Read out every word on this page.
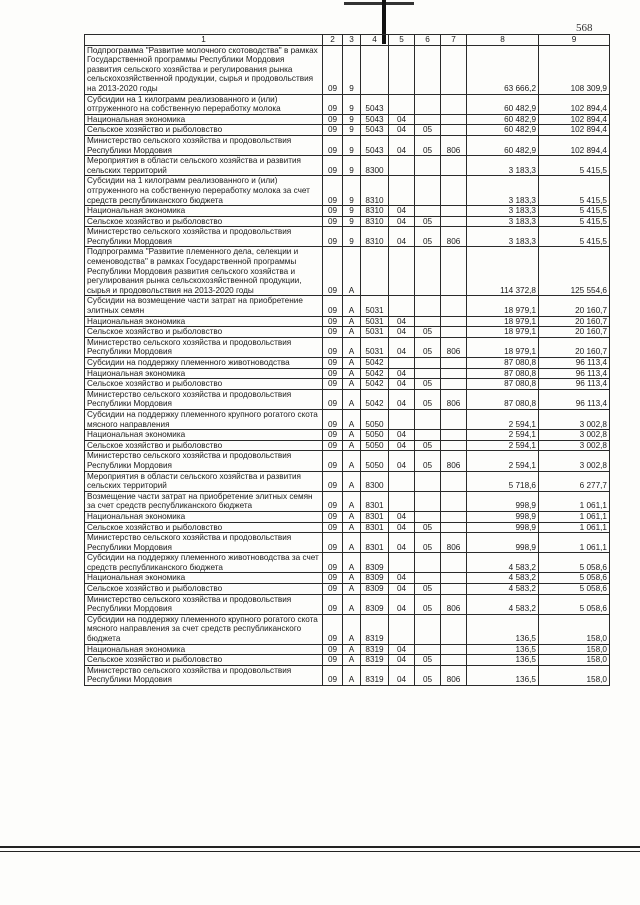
568
1	2	3	4	5	6	7	8	9
Подпрограмма "Развитие молочного скотоводства" в рамках Государственной программы Республики Мордовия развития сельского хозяйства и регулирования рынка сельскохозяйственной продукции, сырья и продовольствия на 2013-2020 годы	09	9					63 666,2	108 309,9
Субсидии на 1 килограмм реализованного и (или) отгруженного на собственную переработку молока	09	9	5043				60 482,9	102 894,4
Национальная экономика	09	9	5043	04			60 482,9	102 894,4
Сельское хозяйство и рыболовство	09	9	5043	04	05		60 482,9	102 894,4
Министерство сельского хозяйства и продовольствия Республики Мордовия	09	9	5043	04	05	806	60 482,9	102 894,4
Мероприятия в области сельского хозяйства и развития сельских территорий	09	9	8300				3 183,3	5 415,5
Субсидии на 1 килограмм реализованного и (или) отгруженного на собственную переработку молока за счет средств республиканского бюджета	09	9	8310				3 183,3	5 415,5
Национальная экономика	09	9	8310	04			3 183,3	5 415,5
Сельское хозяйство и рыболовство	09	9	8310	04	05		3 183,3	5 415,5
Министерство сельского хозяйства и продовольствия Республики Мордовия	09	9	8310	04	05	806	3 183,3	5 415,5
Подпрограмма "Развитие племенного дела, селекции и семеноводства" в рамках Государственной программы Республики Мордовия развития сельского хозяйства и регулирования рынка сельскохозяйственной продукции, сырья и продовольствия на 2013-2020 годы	09	А					114 372,8	125 554,6
Субсидии на возмещение части затрат на приобретение элитных семян	09	А	5031				18 979,1	20 160,7
Национальная экономика	09	А	5031	04			18 979,1	20 160,7
Сельское хозяйство и рыболовство	09	А	5031	04	05		18 979,1	20 160,7
Министерство сельского хозяйства и продовольствия Республики Мордовия	09	А	5031	04	05	806	18 979,1	20 160,7
Субсидии на поддержку племенного животноводства	09	А	5042				87 080,8	96 113,4
Национальная экономика	09	А	5042	04			87 080,8	96 113,4
Сельское хозяйство и рыболовство	09	А	5042	04	05		87 080,8	96 113,4
Министерство сельского хозяйства и продовольствия Республики Мордовия	09	А	5042	04	05	806	87 080,8	96 113,4
Субсидии на поддержку племенного крупного рогатого скота мясного направления	09	А	5050				2 594,1	3 002,8
Национальная экономика	09	А	5050	04			2 594,1	3 002,8
Сельское хозяйство и рыболовство	09	А	5050	04	05		2 594,1	3 002,8
Министерство сельского хозяйства и продовольствия Республики Мордовия	09	А	5050	04	05	806	2 594,1	3 002,8
Мероприятия в области сельского хозяйства и развития сельских территорий	09	А	8300				5 718,6	6 277,7
Возмещение части затрат на приобретение элитных семян за счет средств республиканского бюджета	09	А	8301				998,9	1 061,1
Национальная экономика	09	А	8301	04			998,9	1 061,1
Сельское хозяйство и рыболовство	09	А	8301	04	05		998,9	1 061,1
Министерство сельского хозяйства и продовольствия Республики Мордовия	09	А	8301	04	05	806	998,9	1 061,1
Субсидии на поддержку племенного животноводства за счет средств республиканского бюджета	09	А	8309				4 583,2	5 058,6
Национальная экономика	09	А	8309	04			4 583,2	5 058,6
Сельское хозяйство и рыболовство	09	А	8309	04	05		4 583,2	5 058,6
Министерство сельского хозяйства и продовольствия Республики Мордовия	09	А	8309	04	05	806	4 583,2	5 058,6
Субсидии на поддержку племенного крупного рогатого скота мясного направления за счет средств республиканского бюджета	09	А	8319				136,5	158,0
Национальная экономика	09	А	8319	04			136,5	158,0
Сельское хозяйство и рыболовство	09	А	8319	04	05		136,5	158,0
Министерство сельского хозяйства и продовольствия Республики Мордовия	09	А	8319	04	05	806	136,5	158,0
